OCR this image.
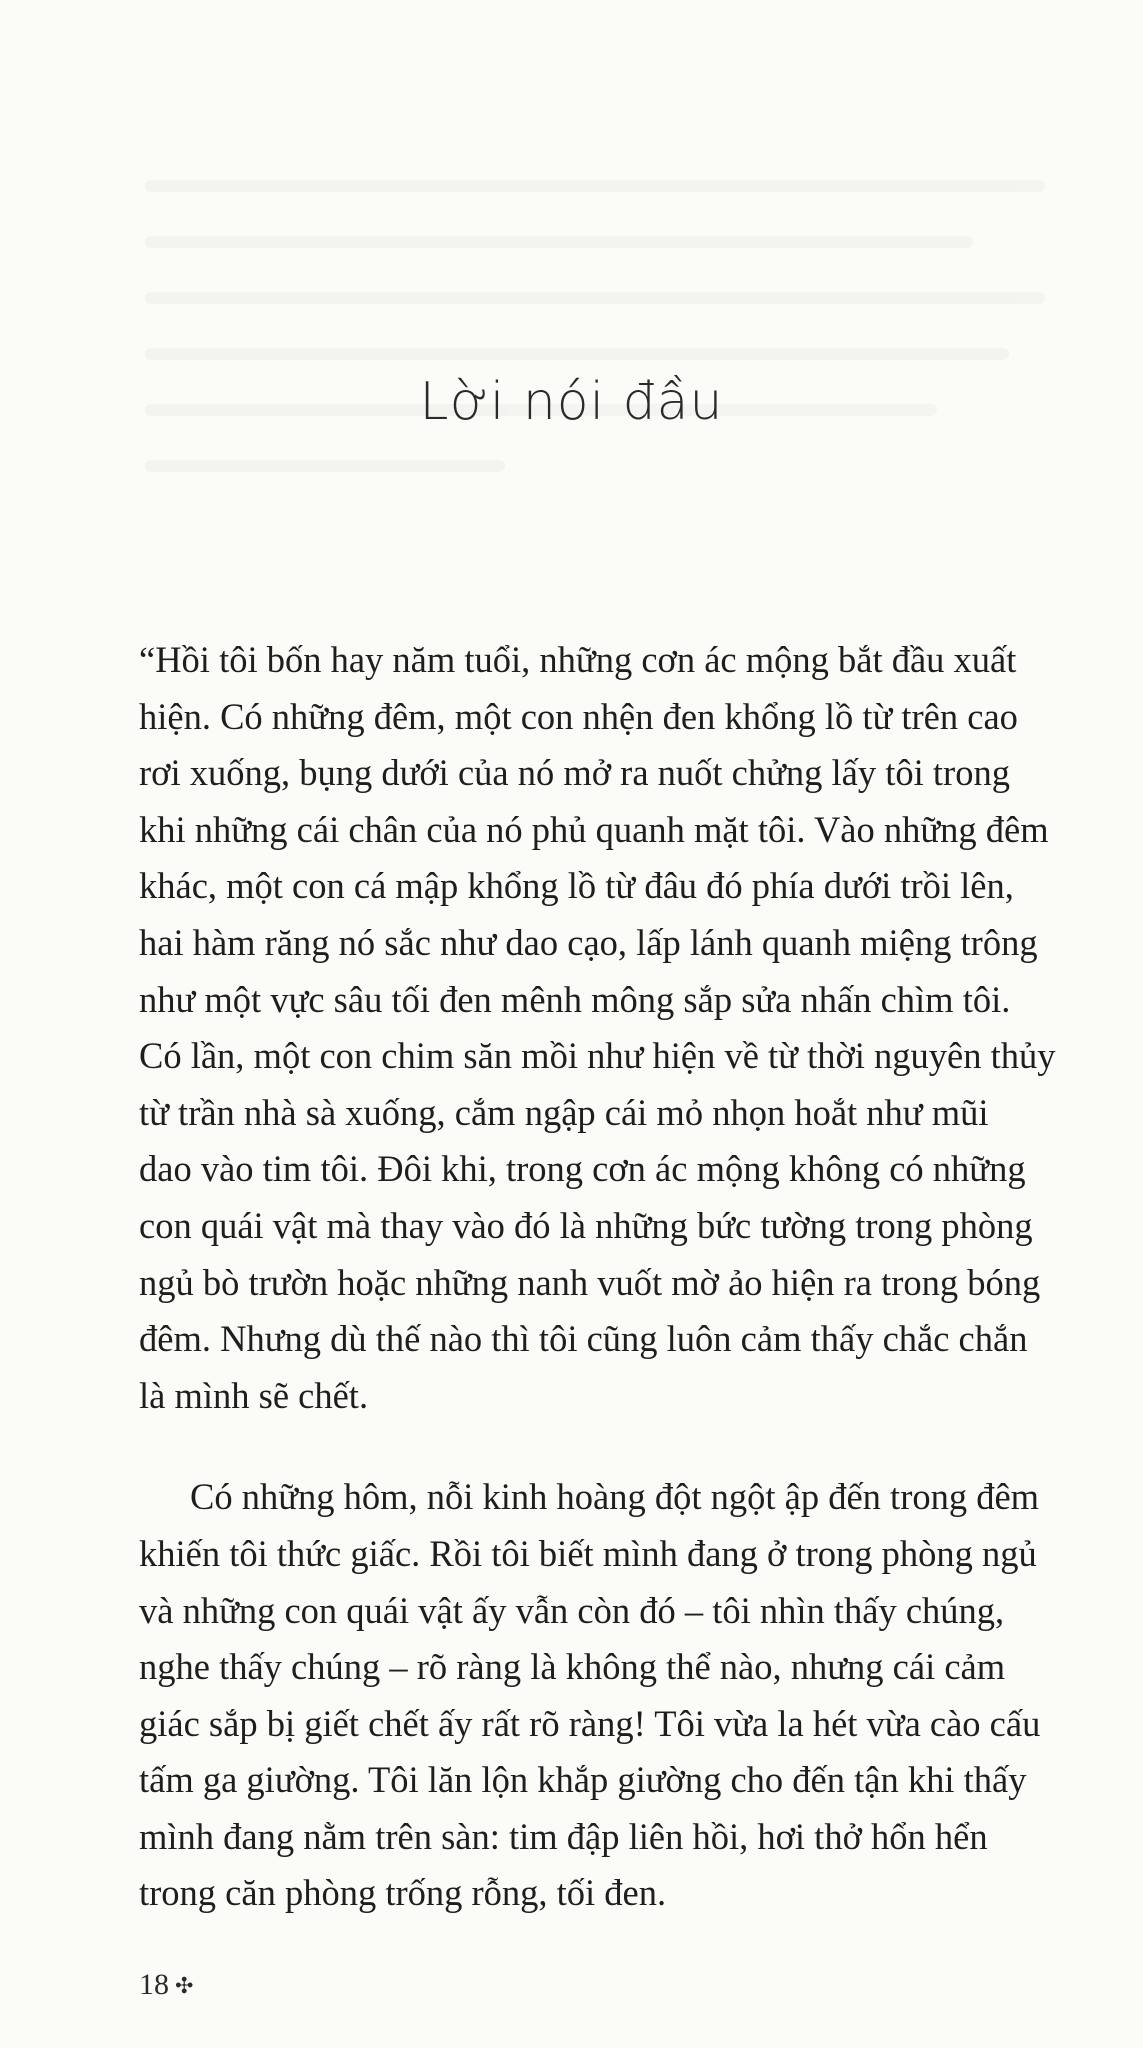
Lời nói đầu
“Hồi tôi bốn hay năm tuổi, những cơn ác mộng bắt đầu xuất
hiện. Có những đêm, một con nhện đen khổng lồ từ trên cao
rơi xuống, bụng dưới của nó mở ra nuốt chửng lấy tôi trong
khi những cái chân của nó phủ quanh mặt tôi. Vào những đêm
khác, một con cá mập khổng lồ từ đâu đó phía dưới trồi lên,
hai hàm răng nó sắc như dao cạo, lấp lánh quanh miệng trông
như một vực sâu tối đen mênh mông sắp sửa nhấn chìm tôi.
Có lần, một con chim săn mồi như hiện về từ thời nguyên thủy
từ trần nhà sà xuống, cắm ngập cái mỏ nhọn hoắt như mũi
dao vào tim tôi. Đôi khi, trong cơn ác mộng không có những
con quái vật mà thay vào đó là những bức tường trong phòng
ngủ bò trườn hoặc những nanh vuốt mờ ảo hiện ra trong bóng
đêm. Nhưng dù thế nào thì tôi cũng luôn cảm thấy chắc chắn
là mình sẽ chết.
Có những hôm, nỗi kinh hoàng đột ngột ập đến trong đêm
khiến tôi thức giấc. Rồi tôi biết mình đang ở trong phòng ngủ
và những con quái vật ấy vẫn còn đó – tôi nhìn thấy chúng,
nghe thấy chúng – rõ ràng là không thể nào, nhưng cái cảm
giác sắp bị giết chết ấy rất rõ ràng! Tôi vừa la hét vừa cào cấu
tấm ga giường. Tôi lăn lộn khắp giường cho đến tận khi thấy
mình đang nằm trên sàn: tim đập liên hồi, hơi thở hổn hển
trong căn phòng trống rỗng, tối đen.
18 ✣
